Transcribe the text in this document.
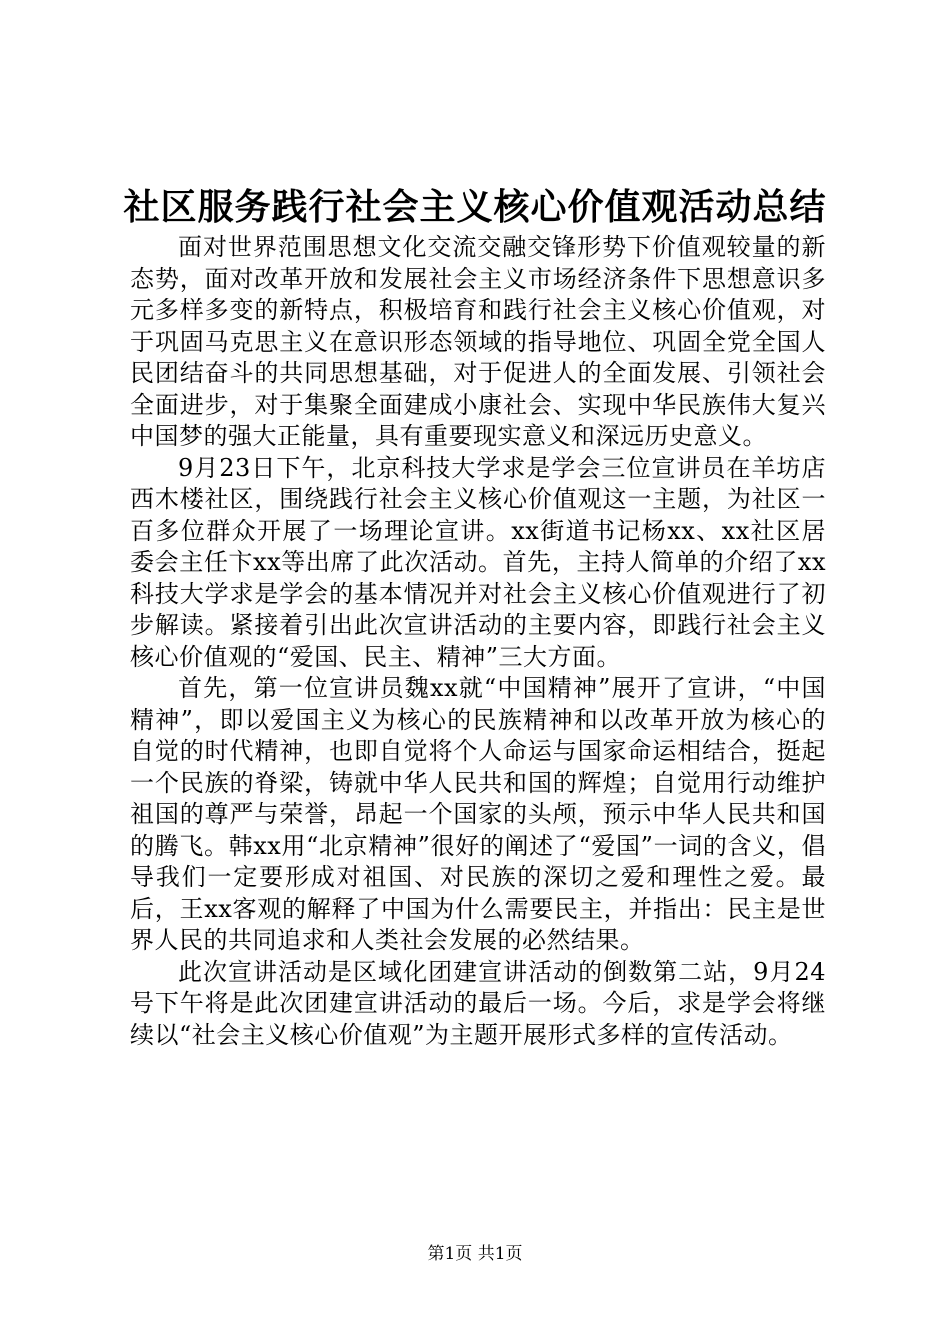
社区服务践行社会主义核心价值观活动总结

面对世界范围思想文化交流交融交锋形势下价值观较量的新态势，面对改革开放和发展社会主义市场经济条件下思想意识多元多样多变的新特点，积极培育和践行社会主义核心价值观，对于巩固马克思主义在意识形态领域的指导地位、巩固全党全国人民团结奋斗的共同思想基础，对于促进人的全面发展、引领社会全面进步，对于集聚全面建成小康社会、实现中华民族伟大复兴中国梦的强大正能量，具有重要现实意义和深远历史意义。

9月23日下午，北京科技大学求是学会三位宣讲员在羊坊店西木楼社区，围绕践行社会主义核心价值观这一主题，为社区一百多位群众开展了一场理论宣讲。xx街道书记杨xx、xx社区居委会主任卞xx等出席了此次活动。首先，主持人简单的介绍了xx科技大学求是学会的基本情况并对社会主义核心价值观进行了初步解读。紧接着引出此次宣讲活动的主要内容，即践行社会主义核心价值观的“爱国、民主、精神”三大方面。

首先，第一位宣讲员魏xx就“中国精神”展开了宣讲，“中国精神”，即以爱国主义为核心的民族精神和以改革开放为核心的自觉的时代精神，也即自觉将个人命运与国家命运相结合，挺起一个民族的脊梁，铸就中华人民共和国的辉煌；自觉用行动维护祖国的尊严与荣誉，昂起一个国家的头颅，预示中华人民共和国的腾飞。韩xx用“北京精神”很好的阐述了“爱国”一词的含义，倡导我们一定要形成对祖国、对民族的深切之爱和理性之爱。最后，王xx客观的解释了中国为什么需要民主，并指出：民主是世界人民的共同追求和人类社会发展的必然结果。

此次宣讲活动是区域化团建宣讲活动的倒数第二站，9月24号下午将是此次团建宣讲活动的最后一场。今后，求是学会将继续以“社会主义核心价值观”为主题开展形式多样的宣传活动。

第1页 共1页
